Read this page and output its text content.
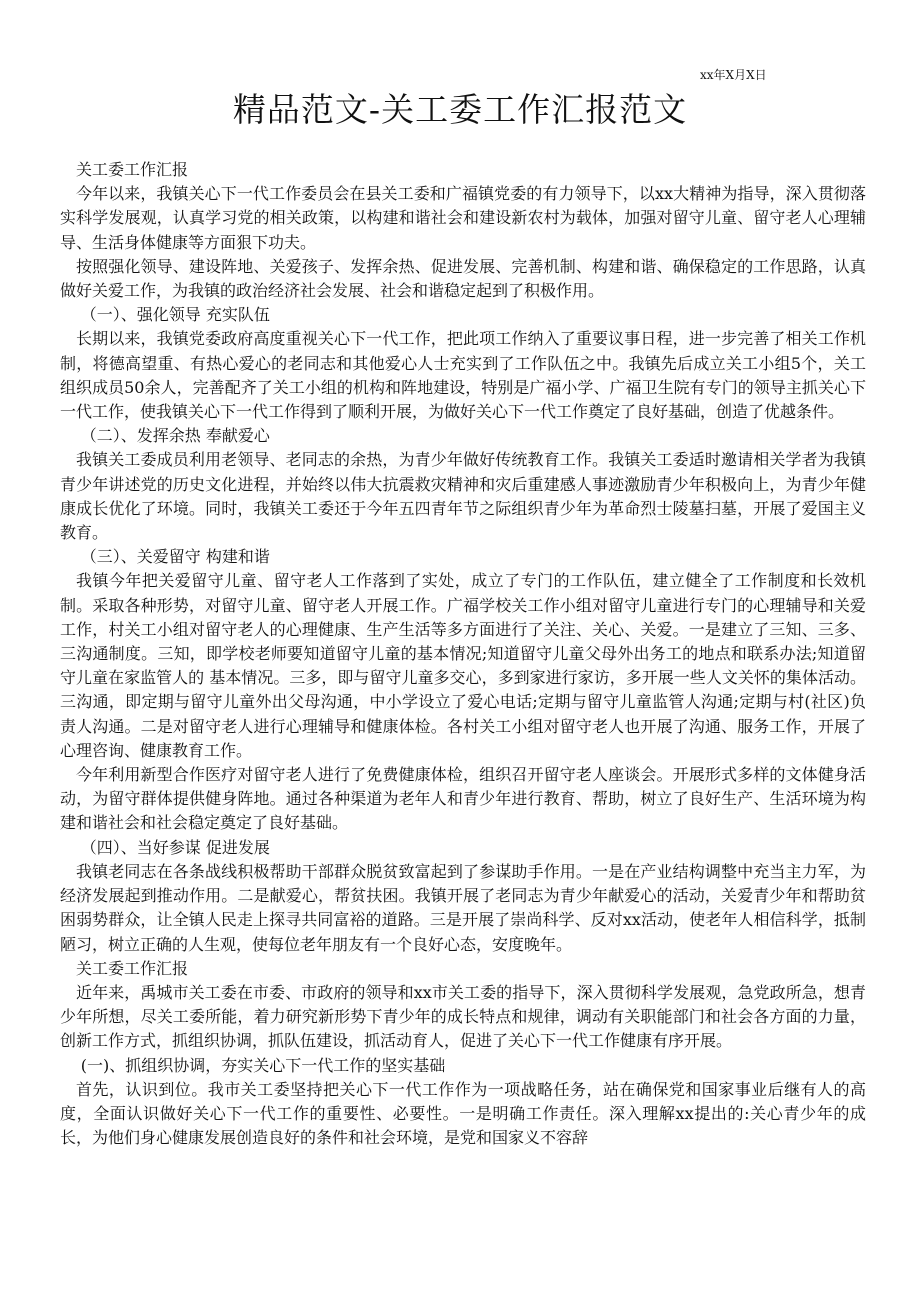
xx年X月X日
精品范文-关工委工作汇报范文

关工委工作汇报

今年以来，我镇关心下一代工作委员会在县关工委和广福镇党委的有力领导下，以xx大精神为指导，深入贯彻落实科学发展观，认真学习党的相关政策，以构建和谐社会和建设新农村为载体，加强对留守儿童、留守老人心理辅导、生活身体健康等方面狠下功夫。

按照强化领导、建设阵地、关爱孩子、发挥余热、促进发展、完善机制、构建和谐、确保稳定的工作思路，认真做好关爱工作，为我镇的政治经济社会发展、社会和谐稳定起到了积极作用。

（一）、强化领导 充实队伍

长期以来，我镇党委政府高度重视关心下一代工作，把此项工作纳入了重要议事日程，进一步完善了相关工作机制，将德高望重、有热心爱心的老同志和其他爱心人士充实到了工作队伍之中。我镇先后成立关工小组5个，关工组织成员50余人，完善配齐了关工小组的机构和阵地建设，特别是广福小学、广福卫生院有专门的领导主抓关心下一代工作，使我镇关心下一代工作得到了顺利开展，为做好关心下一代工作奠定了良好基础，创造了优越条件。

（二）、发挥余热 奉献爱心

我镇关工委成员利用老领导、老同志的余热，为青少年做好传统教育工作。我镇关工委适时邀请相关学者为我镇青少年讲述党的历史文化进程，并始终以伟大抗震救灾精神和灾后重建感人事迹激励青少年积极向上，为青少年健康成长优化了环境。同时，我镇关工委还于今年五四青年节之际组织青少年为革命烈士陵墓扫墓，开展了爱国主义教育。

（三）、关爱留守 构建和谐

我镇今年把关爱留守儿童、留守老人工作落到了实处，成立了专门的工作队伍，建立健全了工作制度和长效机制。采取各种形势，对留守儿童、留守老人开展工作。广福学校关工作小组对留守儿童进行专门的心理辅导和关爱工作，村关工小组对留守老人的心理健康、生产生活等多方面进行了关注、关心、关爱。一是建立了三知、三多、三沟通制度。三知，即学校老师要知道留守儿童的基本情况;知道留守儿童父母外出务工的地点和联系办法;知道留守儿童在家监管人的 基本情况。三多，即与留守儿童多交心，多到家进行家访，多开展一些人文关怀的集体活动。三沟通，即定期与留守儿童外出父母沟通，中小学设立了爱心电话;定期与留守儿童监管人沟通;定期与村(社区)负责人沟通。二是对留守老人进行心理辅导和健康体检。各村关工小组对留守老人也开展了沟通、服务工作，开展了心理咨询、健康教育工作。

今年利用新型合作医疗对留守老人进行了免费健康体检，组织召开留守老人座谈会。开展形式多样的文体健身活动，为留守群体提供健身阵地。通过各种渠道为老年人和青少年进行教育、帮助，树立了良好生产、生活环境为构建和谐社会和社会稳定奠定了良好基础。

（四）、当好参谋 促进发展

我镇老同志在各条战线积极帮助干部群众脱贫致富起到了参谋助手作用。一是在产业结构调整中充当主力军，为经济发展起到推动作用。二是献爱心，帮贫扶困。我镇开展了老同志为青少年献爱心的活动，关爱青少年和帮助贫困弱势群众，让全镇人民走上探寻共同富裕的道路。三是开展了崇尚科学、反对xx活动，使老年人相信科学，抵制陋习，树立正确的人生观，使每位老年朋友有一个良好心态，安度晚年。

关工委工作汇报

近年来，禹城市关工委在市委、市政府的领导和xx市关工委的指导下，深入贯彻科学发展观，急党政所急，想青少年所想，尽关工委所能，着力研究新形势下青少年的成长特点和规律，调动有关职能部门和社会各方面的力量，创新工作方式，抓组织协调，抓队伍建设，抓活动育人，促进了关心下一代工作健康有序开展。

(一)、抓组织协调，夯实关心下一代工作的坚实基础

首先，认识到位。我市关工委坚持把关心下一代工作作为一项战略任务，站在确保党和国家事业后继有人的高度，全面认识做好关心下一代工作的重要性、必要性。一是明确工作责任。深入理解xx提出的:关心青少年的成长，为他们身心健康发展创造良好的条件和社会环境，是党和国家义不容辞
